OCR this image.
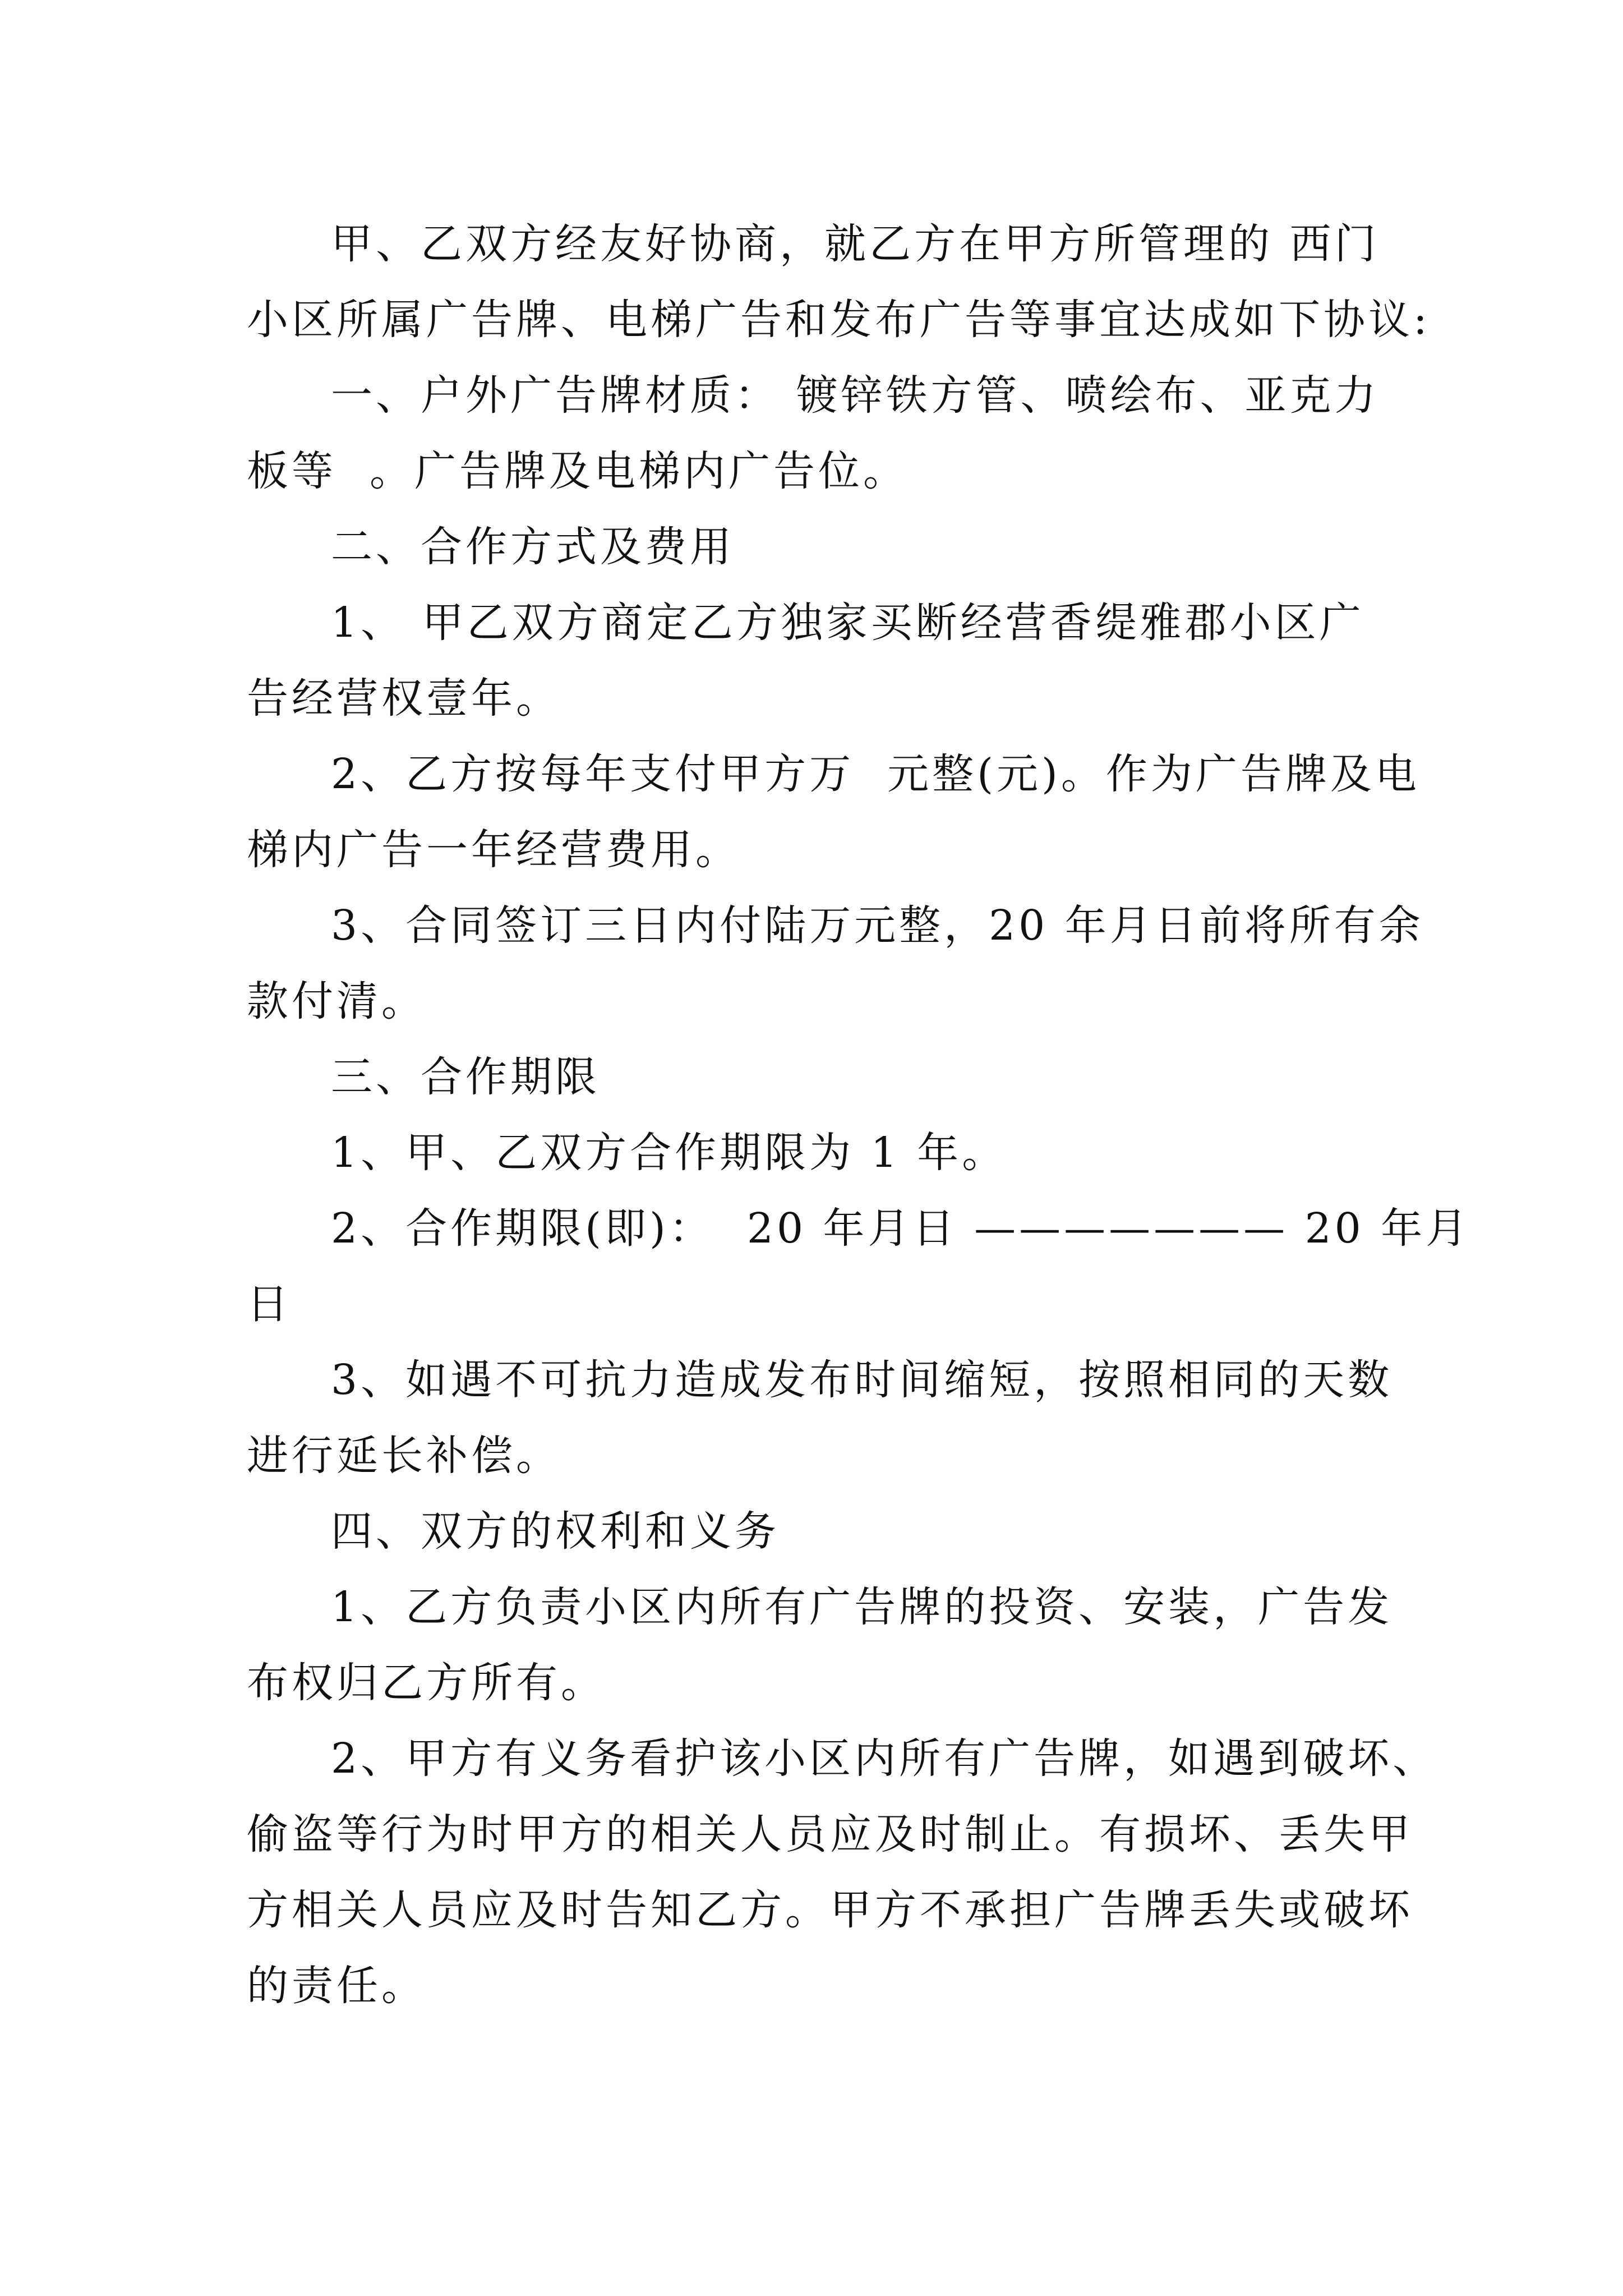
甲、乙双方经友好协商，就乙方在甲方所管理的 西门
小区所属广告牌、电梯广告和发布广告等事宜达成如下协议:
一、户外广告牌材质： 镀锌铁方管、喷绘布、亚克力
板等  。广告牌及电梯内广告位。
二、合作方式及费用
1、 甲乙双方商定乙方独家买断经营香缇雅郡小区广
告经营权壹年。
2、乙方按每年支付甲方万  元整(元)。作为广告牌及电
梯内广告一年经营费用。
3、合同签订三日内付陆万元整，20 年月日前将所有余
款付清。
三、合作期限
1、甲、乙双方合作期限为 1 年。
2、合作期限(即)：  20 年月日 ——————— 20 年月
日
3、如遇不可抗力造成发布时间缩短，按照相同的天数
进行延长补偿。
四、双方的权利和义务
1、乙方负责小区内所有广告牌的投资、安装，广告发
布权归乙方所有。
2、甲方有义务看护该小区内所有广告牌，如遇到破坏、
偷盗等行为时甲方的相关人员应及时制止。有损坏、丢失甲
方相关人员应及时告知乙方。甲方不承担广告牌丢失或破坏
的责任。
